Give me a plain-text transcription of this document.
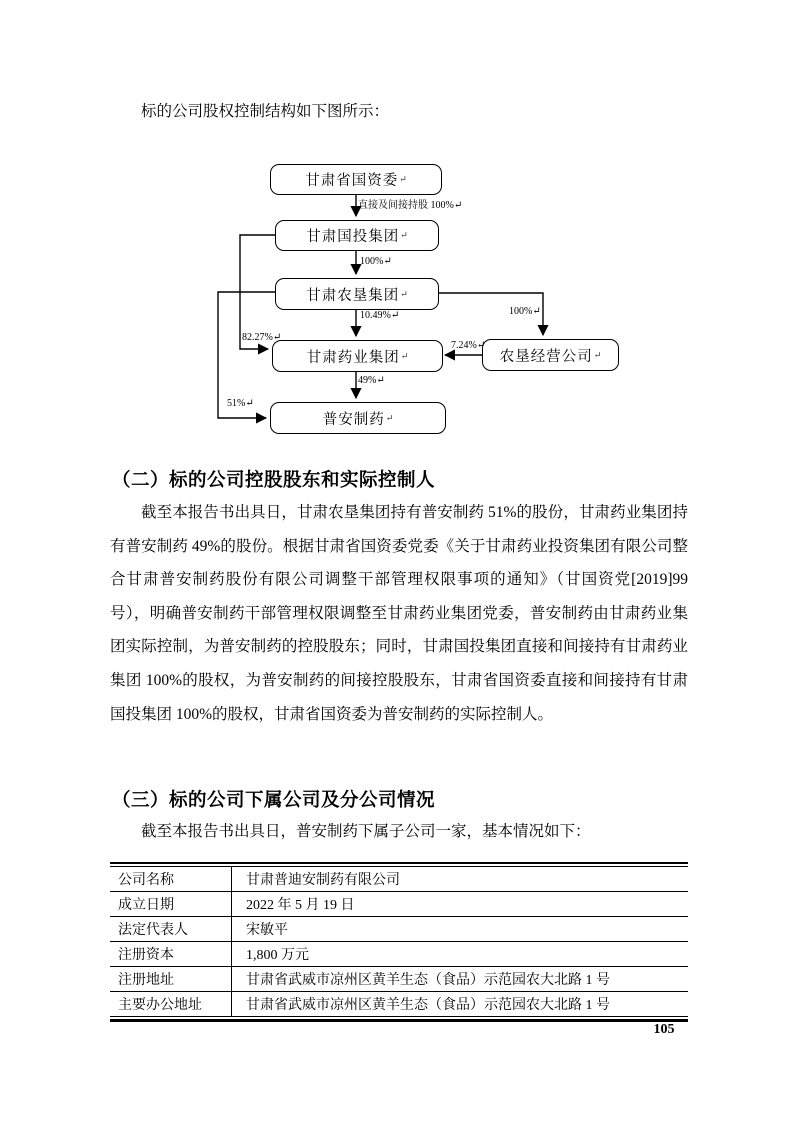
标的公司股权控制结构如下图所示：
甘肃省国资委 ↵
甘肃国投集团 ↵
甘肃农垦集团 ↵
甘肃药业集团 ↵	农垦经营公司 ↵
普安制药 ↵
直接及间接持股 100%↵
100%↵
10.49%↵
49%↵
100%↵
7.24%↵
82.27%↵
51%↵
（二）标的公司控股股东和实际控制人
截至本报告书出具日，甘肃农垦集团持有普安制药 51%的股份，甘肃药业集团持有普安制药 49%的股份。根据甘肃省国资委党委《关于甘肃药业投资集团有限公司整合甘肃普安制药股份有限公司调整干部管理权限事项的通知》（甘国资党[2019]99 号），明确普安制药干部管理权限调整至甘肃药业集团党委，普安制药由甘肃药业集团实际控制，为普安制药的控股股东；同时，甘肃国投集团直接和间接持有甘肃药业集团 100%的股权，为普安制药的间接控股股东，甘肃省国资委直接和间接持有甘肃国投集团 100%的股权，甘肃省国资委为普安制药的实际控制人。
（三）标的公司下属公司及分公司情况
截至本报告书出具日，普安制药下属子公司一家，基本情况如下：
公司名称	甘肃普迪安制药有限公司
成立日期	2022 年 5 月 19 日
法定代表人	宋敏平
注册资本	1,800 万元
注册地址	甘肃省武威市凉州区黄羊生态（食品）示范园农大北路 1 号
主要办公地址	甘肃省武威市凉州区黄羊生态（食品）示范园农大北路 1 号
105
